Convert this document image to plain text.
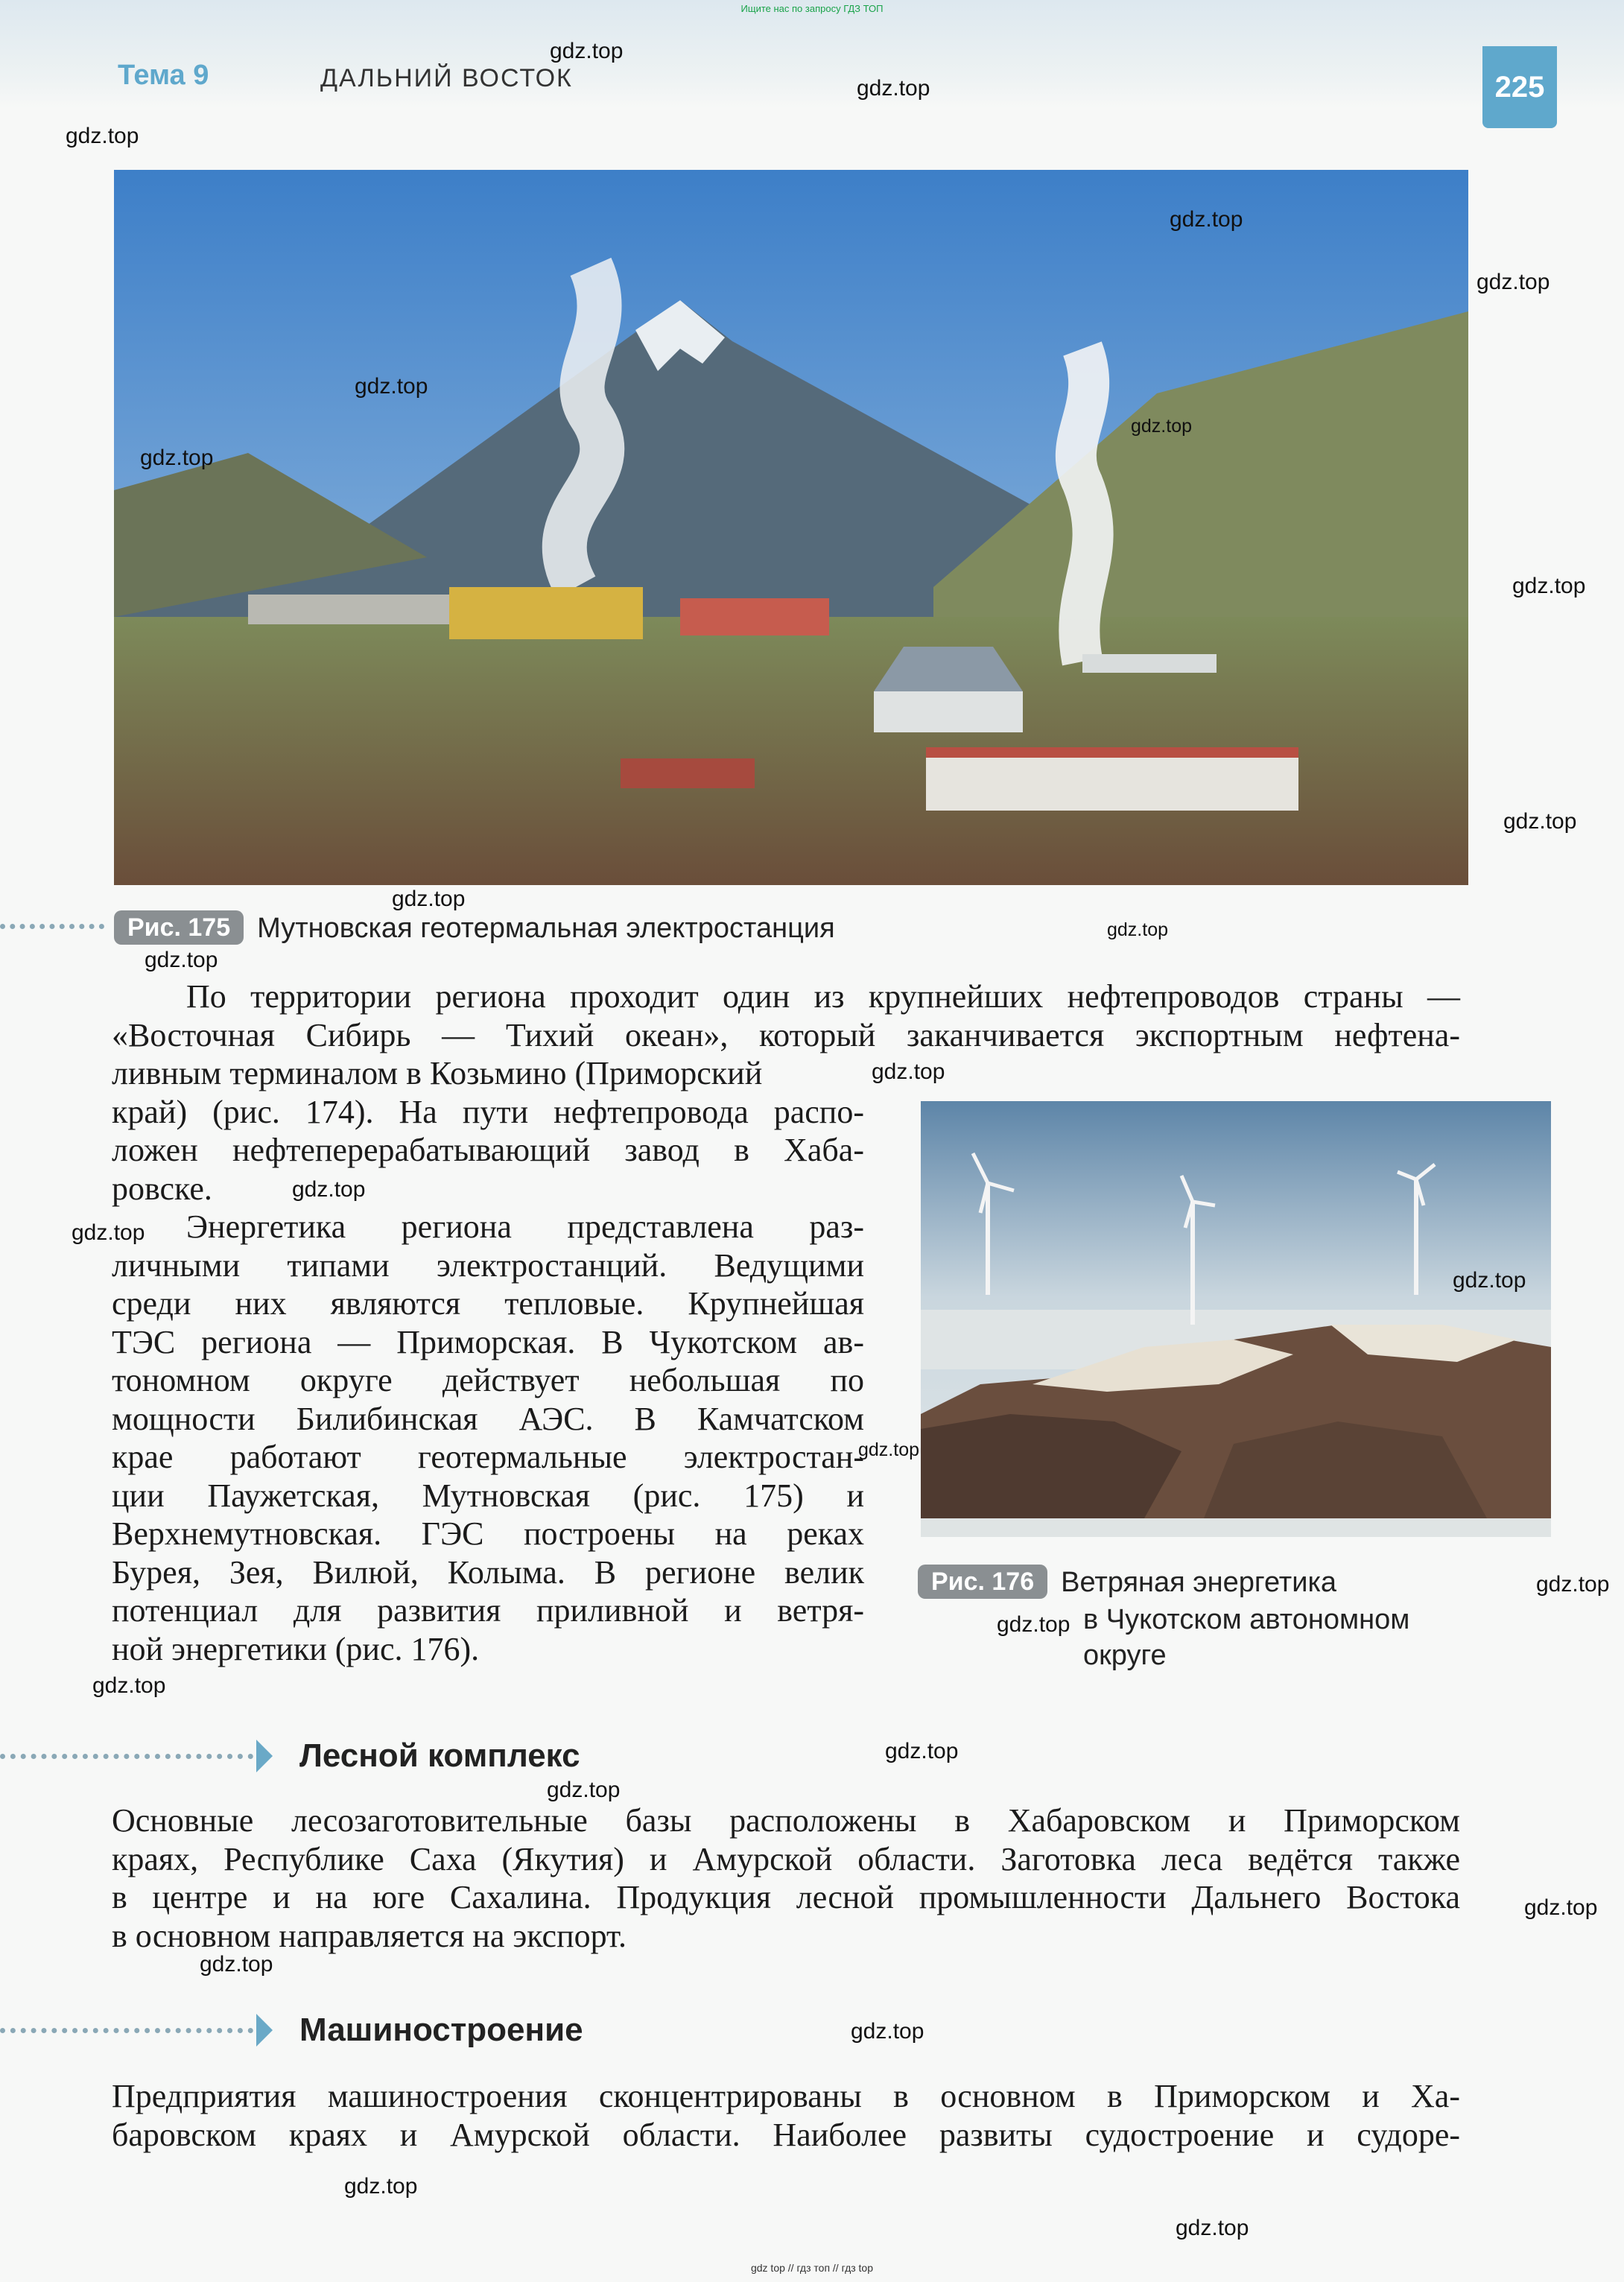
Ищите нас по запросу ГДЗ ТОП
Тема 9	ДАЛЬНИЙ ВОСТОК	225
Рис. 175 Мутновская геотермальная электростанция

По территории региона проходит один из крупнейших нефтепроводов страны —

«Восточная Сибирь — Тихий океан», который заканчивается экспортным нефтена-

ливным терминалом в Козьмино (Приморский

край) (рис. 174). На пути нефтепровода распо-

ложен нефтеперерабатывающий завод в Хаба-

ровске.

Энергетика региона представлена раз-

личными типами электростанций. Ведущими

среди них являются тепловые. Крупнейшая

ТЭС региона — Приморская. В Чукотском ав-

тономном округе действует небольшая по

мощности Билибинская АЭС. В Камчатском

крае работают геотермальные электростан-

ции Паужетская, Мутновская (рис. 175) и

Верхнемутновская. ГЭС построены на реках

Бурея, Зея, Вилюй, Колыма. В регионе велик

потенциал для развития приливной и ветря-

ной энергетики (рис. 176).

Рис. 176 Ветряная энергетика
в Чукотском автономном
округе
Лесной комплекс

Основные лесозаготовительные базы расположены в Хабаровском и Приморском

краях, Республике Саха (Якутия) и Амурской области. Заготовка леса ведётся также

в центре и на юге Сахалина. Продукция лесной промышленности Дальнего Востока

в основном направляется на экспорт.

Машиностроение

Предприятия машиностроения сконцентрированы в основном в Приморском и Ха-

баровском краях и Амурской области. Наиболее развиты судостроение и судоре-

gdz.top
gdz.top
gdz.top
gdz.top
gdz.top
gdz.top
gdz.top
gdz.top
gdz.top
gdz.top
gdz.top
gdz.top
gdz.top
gdz.top
gdz.top
gdz.top
gdz.top
gdz.top
gdz.top
gdz.top
gdz.top
gdz.top
gdz.top
gdz.top
gdz.top
gdz.top
gdz.top
gdz.top
gdz top // гдз топ // гдз top
